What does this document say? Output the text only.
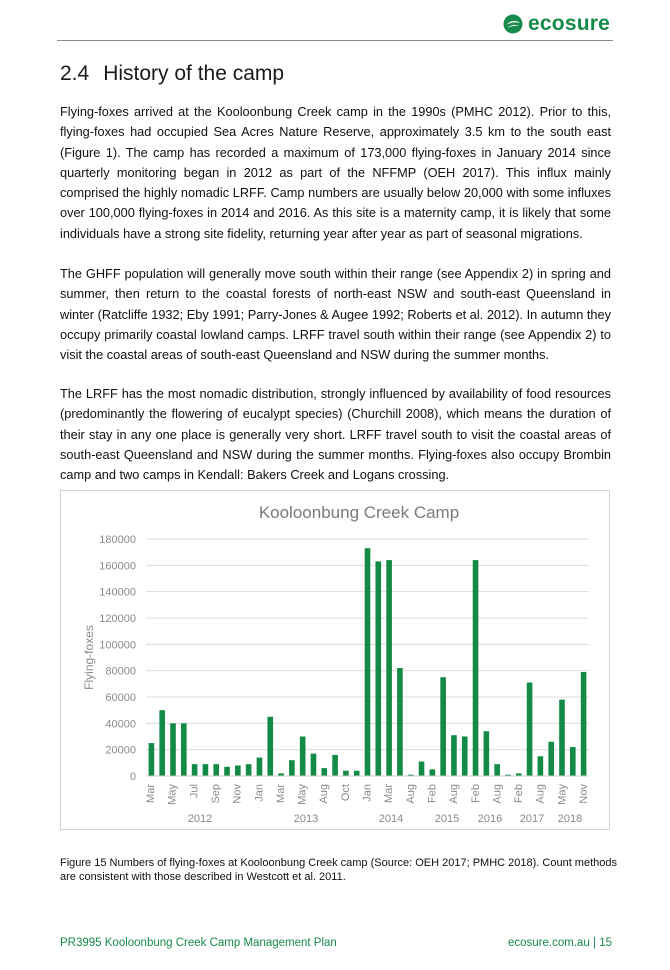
ecosure
2.4 History of the camp

Flying-foxes arrived at the Kooloonbung Creek camp in the 1990s (PMHC 2012). Prior to this, flying-foxes had occupied Sea Acres Nature Reserve, approximately 3.5 km to the south east (Figure 1). The camp has recorded a maximum of 173,000 flying-foxes in January 2014 since quarterly monitoring began in 2012 as part of the NFFMP (OEH 2017). This influx mainly comprised the highly nomadic LRFF. Camp numbers are usually below 20,000 with some influxes over 100,000 flying-foxes in 2014 and 2016. As this site is a maternity camp, it is likely that some individuals have a strong site fidelity, returning year after year as part of seasonal migrations.

The GHFF population will generally move south within their range (see Appendix 2) in spring and summer, then return to the coastal forests of north-east NSW and south-east Queensland in winter (Ratcliffe 1932; Eby 1991; Parry-Jones & Augee 1992; Roberts et al. 2012). In autumn they occupy primarily coastal lowland camps. LRFF travel south within their range (see Appendix 2) to visit the coastal areas of south-east Queensland and NSW during the summer months.

The LRFF has the most nomadic distribution, strongly influenced by availability of food resources (predominantly the flowering of eucalypt species) (Churchill 2008), which means the duration of their stay in any one place is generally very short. LRFF travel south to visit the coastal areas of south-east Queensland and NSW during the summer months. Flying-foxes also occupy Brombin camp and two camps in Kendall: Bakers Creek and Logans crossing.

Kooloonbung Creek Camp
0
20000
40000
60000
80000
100000
120000
140000
160000
180000
Flying-foxes
Mar May Jul Sep Nov Jan Mar May Aug Oct Jan Mar Aug Feb Aug Feb Aug Feb Aug May Nov
2012	2013	2014	2015 2016 2017 2018

Figure 15 Numbers of flying-foxes at Kooloonbung Creek camp (Source: OEH 2017; PMHC 2018). Count methods are consistent with those described in Westcott et al. 2011.

PR3995 Kooloonbung Creek Camp Management Plan	ecosure.com.au | 15
